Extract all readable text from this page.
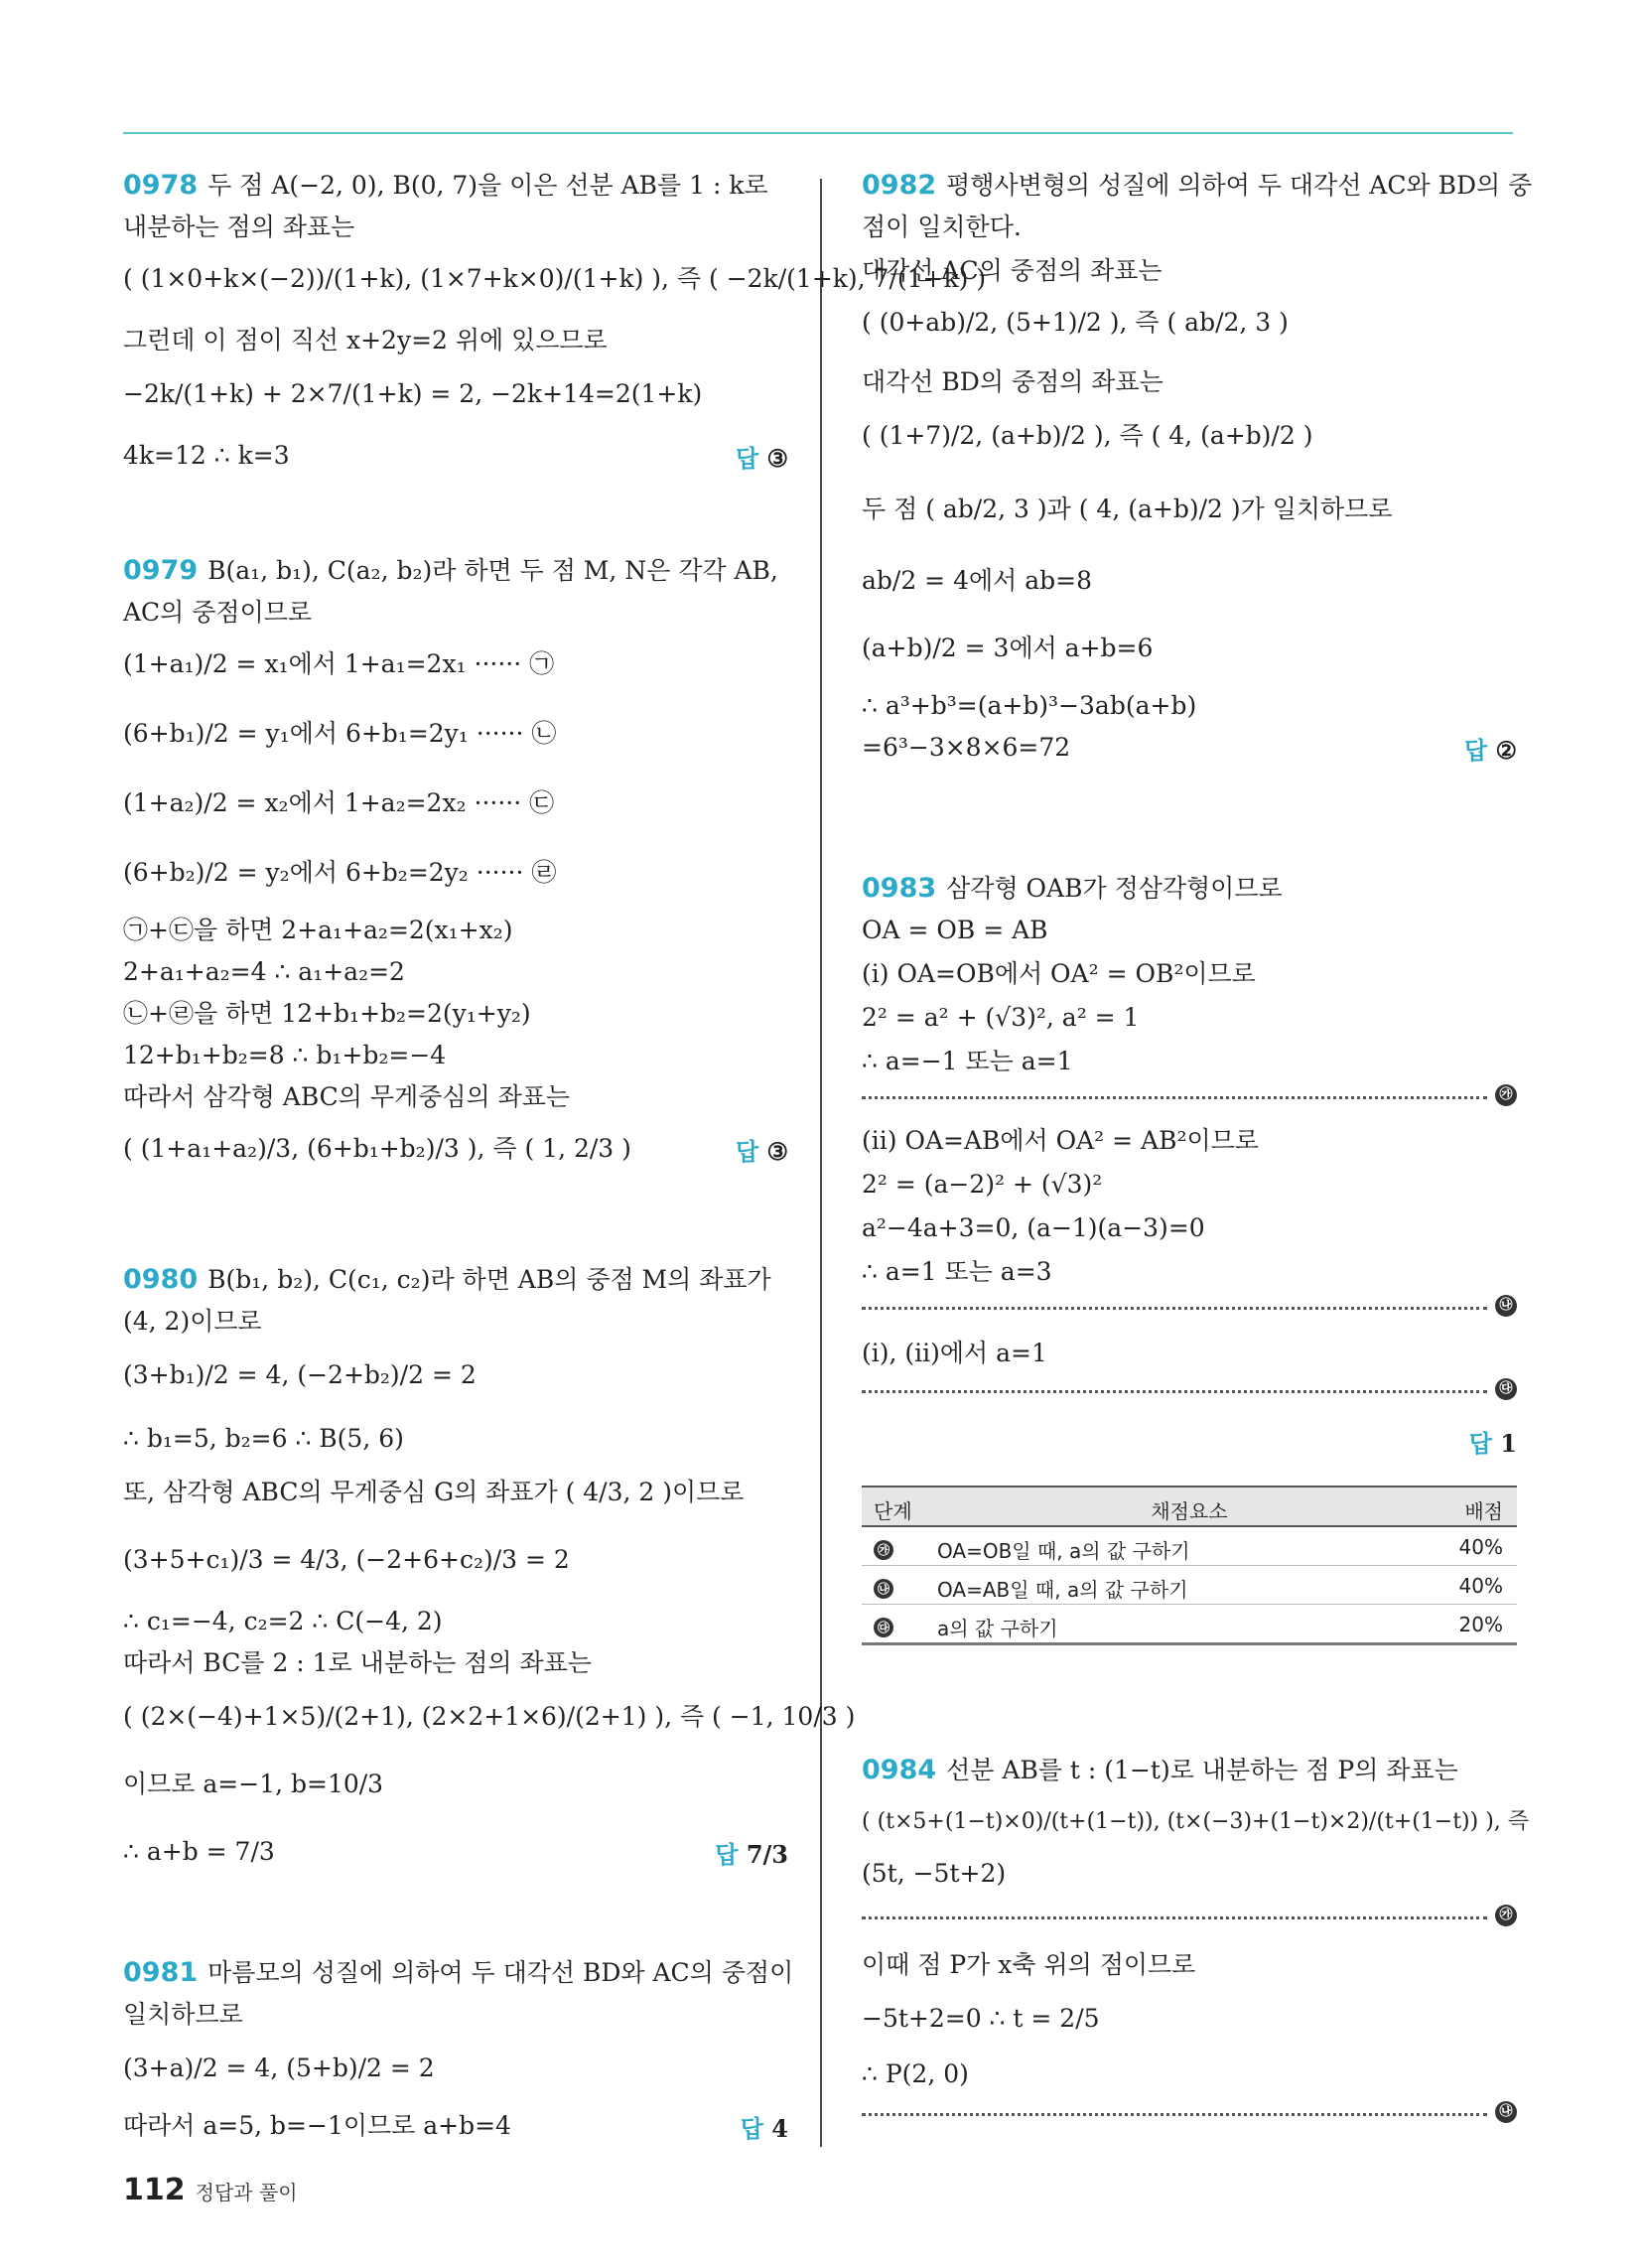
0978 두 점 A(−2, 0), B(0, 7)을 이은 선분 AB를 1 : k로
내분하는 점의 좌표는
( (1×0+k×(−2))/(1+k), (1×7+k×0)/(1+k) ), 즉 ( −2k/(1+k), 7/(1+k) )
그런데 이 점이 직선 x+2y=2 위에 있으므로
−2k/(1+k) + 2×7/(1+k) = 2, −2k+14=2(1+k)
4k=12 ∴ k=3	답 ③
0979 B(a₁, b₁), C(a₂, b₂)라 하면 두 점 M, N은 각각 AB,
AC의 중점이므로
(1+a₁)/2 = x₁에서 1+a₁=2x₁ ······ ㉠
(6+b₁)/2 = y₁에서 6+b₁=2y₁ ······ ㉡
(1+a₂)/2 = x₂에서 1+a₂=2x₂ ······ ㉢
(6+b₂)/2 = y₂에서 6+b₂=2y₂ ······ ㉣
㉠+㉢을 하면 2+a₁+a₂=2(x₁+x₂)
2+a₁+a₂=4 ∴ a₁+a₂=2
㉡+㉣을 하면 12+b₁+b₂=2(y₁+y₂)
12+b₁+b₂=8 ∴ b₁+b₂=−4
따라서 삼각형 ABC의 무게중심의 좌표는
( (1+a₁+a₂)/3, (6+b₁+b₂)/3 ), 즉 ( 1, 2/3 )	답 ③
0980 B(b₁, b₂), C(c₁, c₂)라 하면 AB의 중점 M의 좌표가
(4, 2)이므로
(3+b₁)/2 = 4, (−2+b₂)/2 = 2
∴ b₁=5, b₂=6 ∴ B(5, 6)
또, 삼각형 ABC의 무게중심 G의 좌표가 ( 4/3, 2 )이므로
(3+5+c₁)/3 = 4/3, (−2+6+c₂)/3 = 2
∴ c₁=−4, c₂=2 ∴ C(−4, 2)
따라서 BC를 2 : 1로 내분하는 점의 좌표는
( (2×(−4)+1×5)/(2+1), (2×2+1×6)/(2+1) ), 즉 ( −1, 10/3 )
이므로 a=−1, b=10/3
∴ a+b = 7/3	답 7/3
0981 마름모의 성질에 의하여 두 대각선 BD와 AC의 중점이
일치하므로
(3+a)/2 = 4, (5+b)/2 = 2
따라서 a=5, b=−1이므로 a+b=4	답 4
0982 평행사변형의 성질에 의하여 두 대각선 AC와 BD의 중
점이 일치한다.
대각선 AC의 중점의 좌표는
( (0+ab)/2, (5+1)/2 ), 즉 ( ab/2, 3 )
대각선 BD의 중점의 좌표는
( (1+7)/2, (a+b)/2 ), 즉 ( 4, (a+b)/2 )
두 점 ( ab/2, 3 )과 ( 4, (a+b)/2 )가 일치하므로
ab/2 = 4에서 ab=8
(a+b)/2 = 3에서 a+b=6
∴ a³+b³=(a+b)³−3ab(a+b)
=6³−3×8×6=72	답 ②
0983 삼각형 OAB가 정삼각형이므로
OA = OB = AB
(i) OA=OB에서 OA² = OB²이므로
2² = a² + (√3)², a² = 1
∴ a=−1 또는 a=1
㉮
(ii) OA=AB에서 OA² = AB²이므로
2² = (a−2)² + (√3)²
a²−4a+3=0, (a−1)(a−3)=0
∴ a=1 또는 a=3
㉯
(i), (ii)에서 a=1
㉰
답 1
단계	채점요소	배점
㉮ OA=OB일 때, a의 값 구하기	40%
㉯ OA=AB일 때, a의 값 구하기	40%
㉰ a의 값 구하기	20%
0984 선분 AB를 t : (1−t)로 내분하는 점 P의 좌표는
( (t×5+(1−t)×0)/(t+(1−t)), (t×(−3)+(1−t)×2)/(t+(1−t)) ), 즉
(5t, −5t+2)
㉮
이때 점 P가 x축 위의 점이므로
−5t+2=0 ∴ t = 2/5
∴ P(2, 0)
㉯
112 정답과 풀이
